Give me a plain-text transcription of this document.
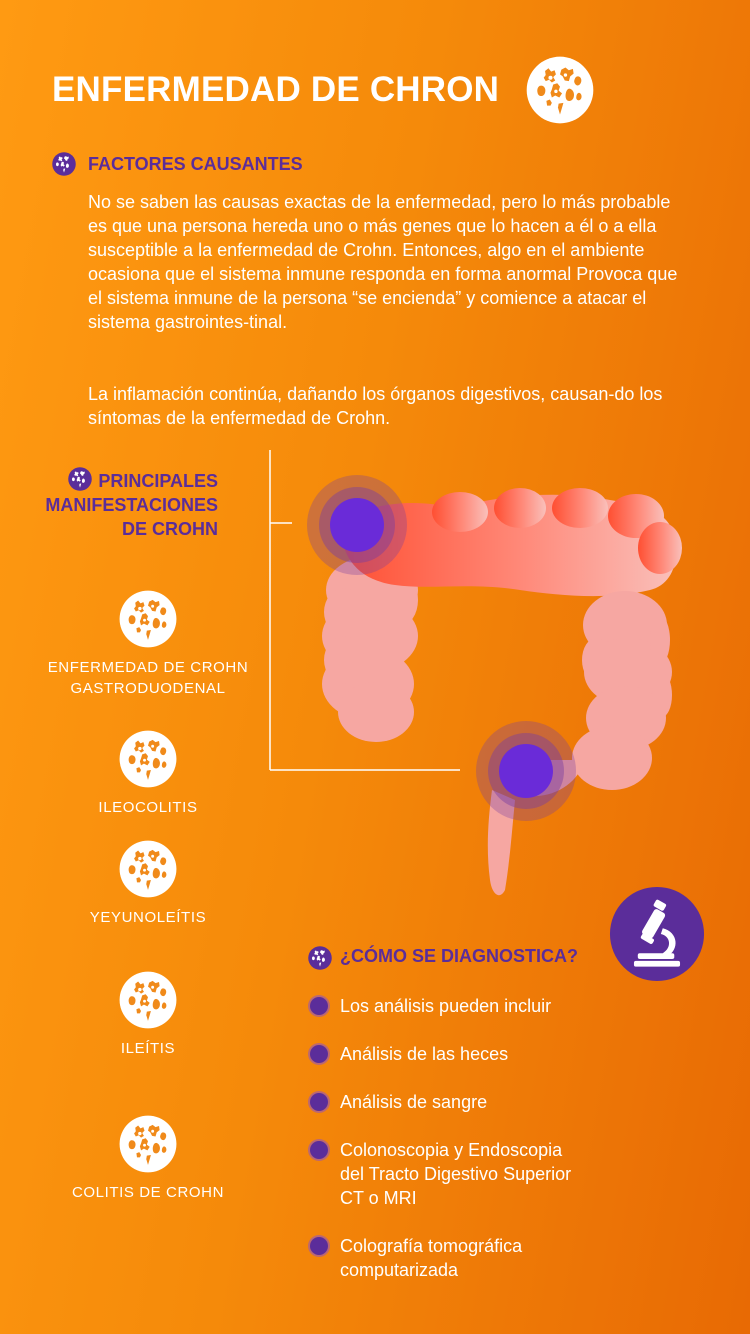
ENFERMEDAD DE CHRON
FACTORES CAUSANTES

No se saben las causas exactas de la enfermedad, pero lo más probable es que una persona hereda uno o más genes que lo hacen a él o a ella susceptible a la enfermedad de Crohn. Entonces, algo en el ambiente ocasiona que el sistema inmune responda en forma anormal Provoca que el sistema inmune de la persona “se encienda” y comience a atacar el sistema gastrointes-tinal.

La inflamación continúa, dañando los órganos digestivos, causan-do los síntomas de la enfermedad de Crohn.

PRINCIPALES
MANIFESTACIONES
DE CROHN
ENFERMEDAD DE CROHN
GASTRODUODENAL
ILEOCOLITIS
YEYUNOLEÍTIS
ILEÍTIS
COLITIS DE CROHN
¿CÓMO SE DIAGNOSTICA?
Los análisis pueden incluir
Análisis de las heces
Análisis de sangre
Colonoscopia y Endoscopia
del Tracto Digestivo Superior
CT o MRI
Colografía tomográfica
computarizada
